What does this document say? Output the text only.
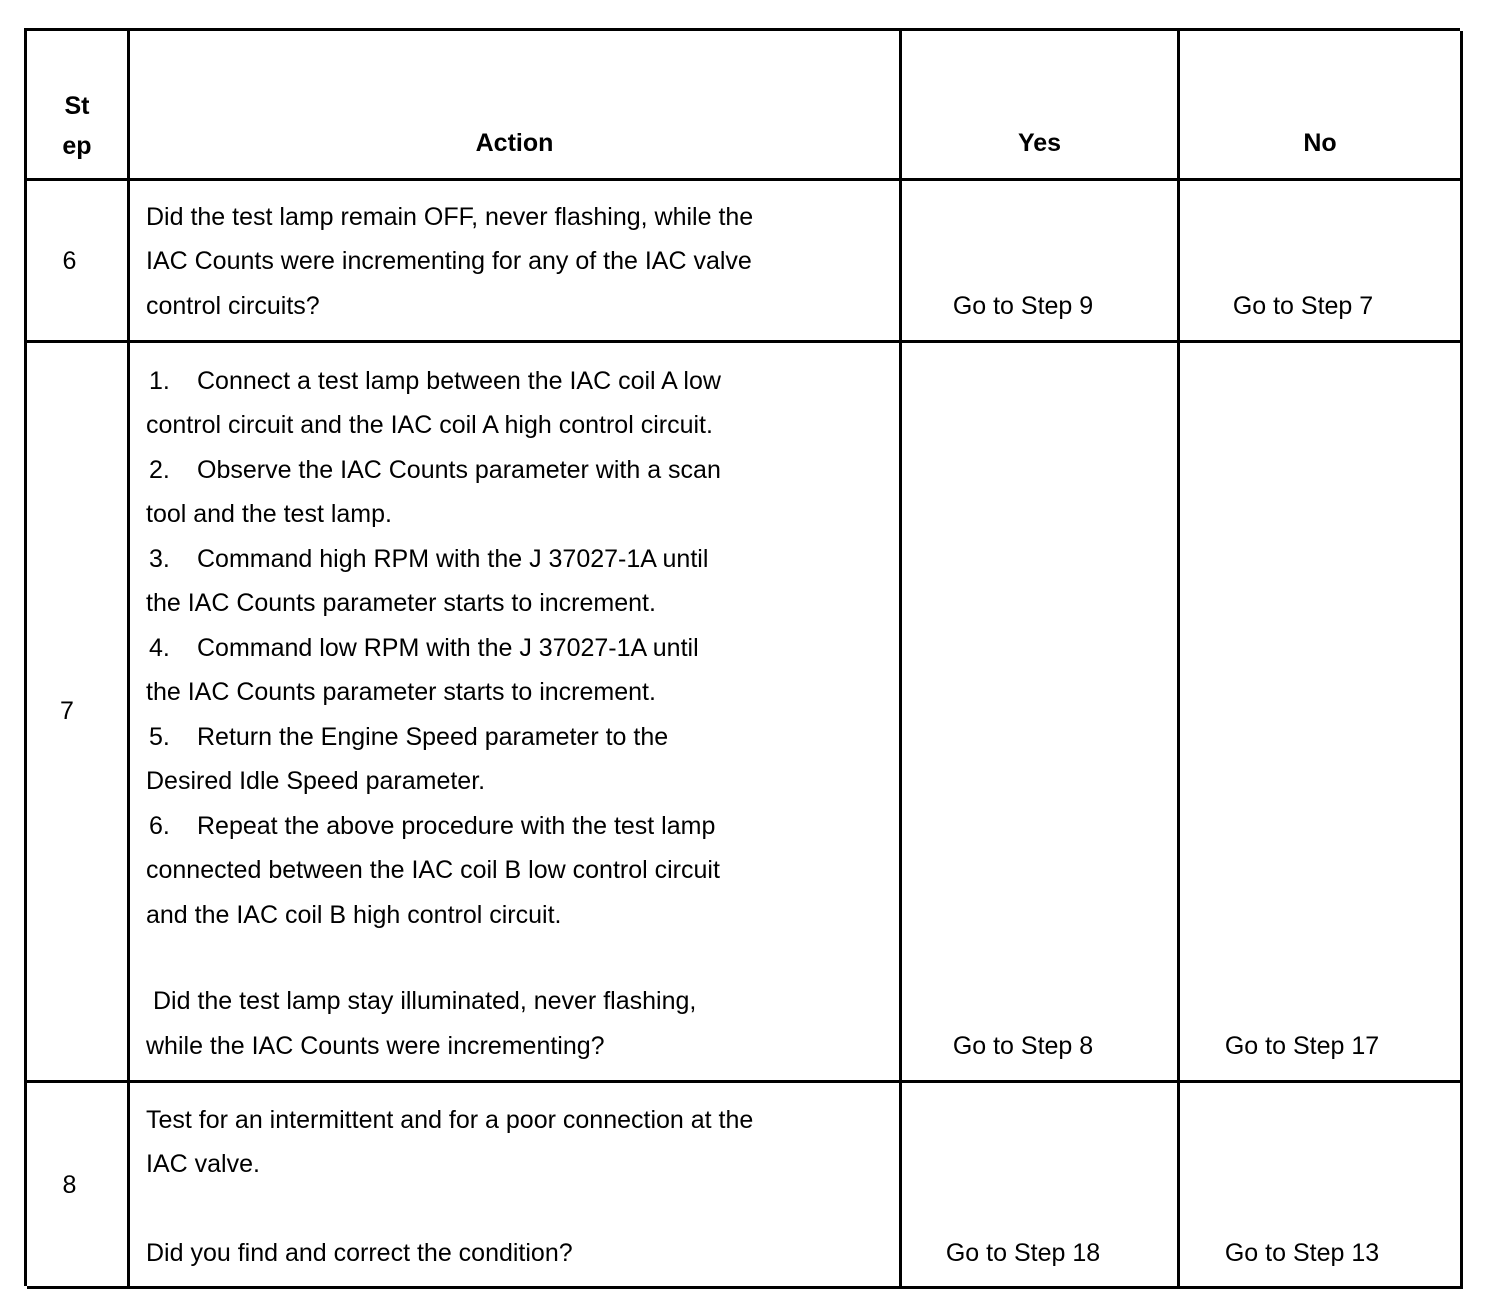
St
ep	Action	Yes	No
6
Did the test lamp remain OFF, never flashing, while the
IAC Counts were incrementing for any of the IAC valve
control circuits?	Go to Step 9	Go to Step 7
7
1. Connect a test lamp between the IAC coil A low
control circuit and the IAC coil A high control circuit.
2. Observe the IAC Counts parameter with a scan
tool and the test lamp.
3. Command high RPM with the J 37027-1A until
the IAC Counts parameter starts to increment.
4. Command low RPM with the J 37027-1A until
the IAC Counts parameter starts to increment.
5. Return the Engine Speed parameter to the
Desired Idle Speed parameter.
6. Repeat the above procedure with the test lamp
connected between the IAC coil B low control circuit
and the IAC coil B high control circuit.
Did the test lamp stay illuminated, never flashing,
while the IAC Counts were incrementing?	Go to Step 8	Go to Step 17
8
Test for an intermittent and for a poor connection at the
IAC valve.
Did you find and correct the condition?	Go to Step 18	Go to Step 13
